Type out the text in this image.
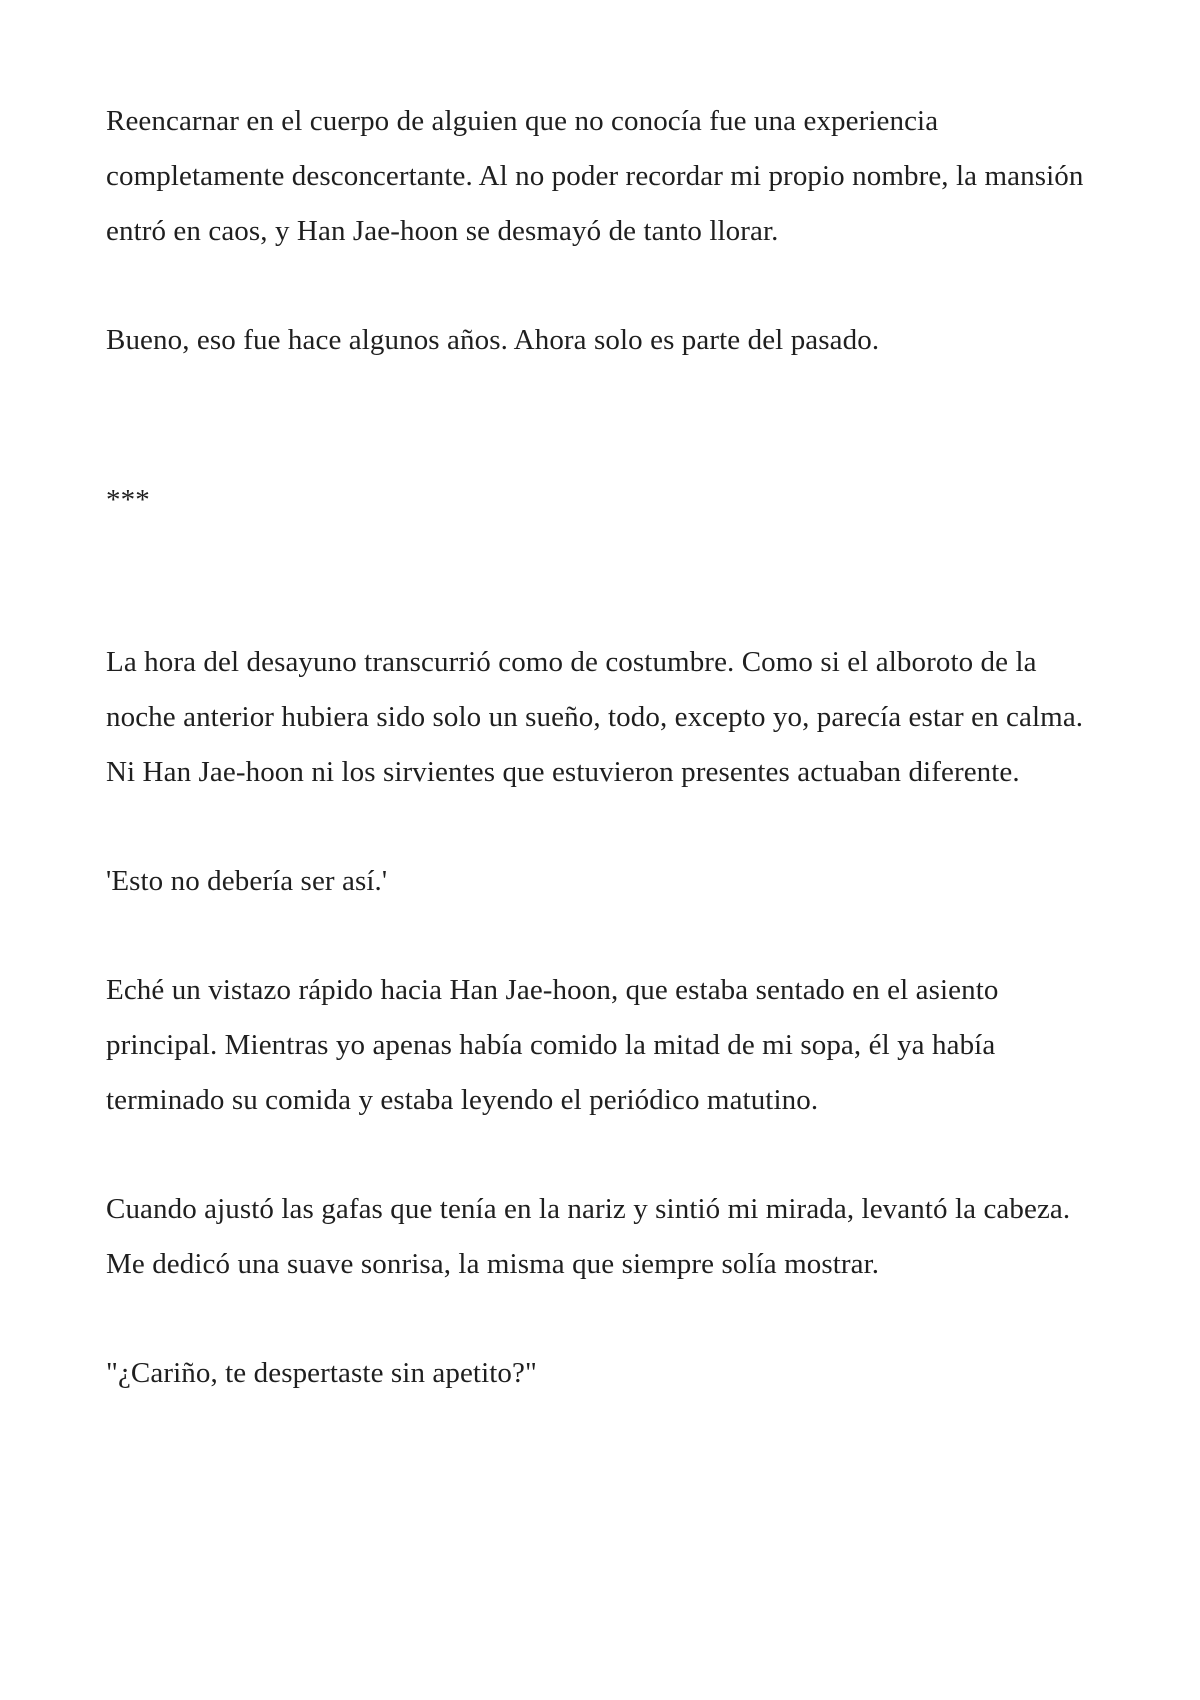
Reencarnar en el cuerpo de alguien que no conocía fue una experiencia completamente desconcertante. Al no poder recordar mi propio nombre, la mansión entró en caos, y Han Jae-hoon se desmayó de tanto llorar.

Bueno, eso fue hace algunos años. Ahora solo es parte del pasado.

***

La hora del desayuno transcurrió como de costumbre. Como si el alboroto de la noche anterior hubiera sido solo un sueño, todo, excepto yo, parecía estar en calma. Ni Han Jae-hoon ni los sirvientes que estuvieron presentes actuaban diferente.

'Esto no debería ser así.'

Eché un vistazo rápido hacia Han Jae-hoon, que estaba sentado en el asiento principal. Mientras yo apenas había comido la mitad de mi sopa, él ya había terminado su comida y estaba leyendo el periódico matutino.

Cuando ajustó las gafas que tenía en la nariz y sintió mi mirada, levantó la cabeza. Me dedicó una suave sonrisa, la misma que siempre solía mostrar.

"¿Cariño, te despertaste sin apetito?"
